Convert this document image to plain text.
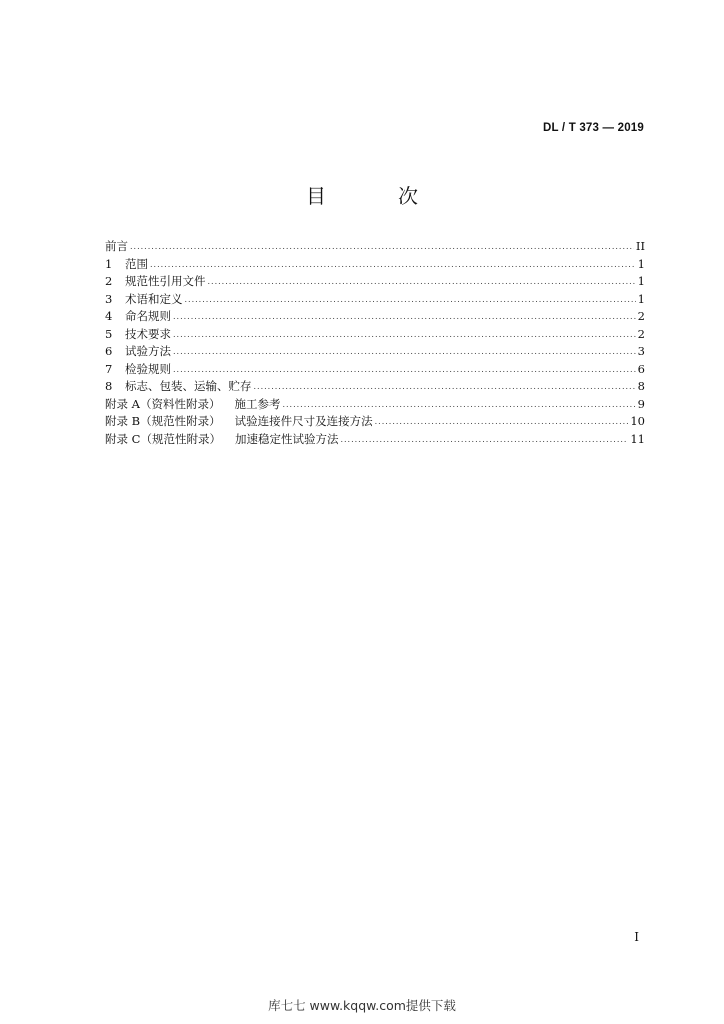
DL / T 373 — 2019
目　次
前言 .....	II
1	范围 .....	1
2	规范性引用文件 .....	1
3	术语和定义 .....	1
4	命名规则 .....	2
5	技术要求 .....	2
6	试验方法 .....	3
7	检验规则 .....	6
8	标志、包装、运输、贮存 .....	8
附录 A（资料性附录） 施工参考 .....	9
附录 B（规范性附录） 试验连接件尺寸及连接方法 .....	10
附录 C（规范性附录） 加速稳定性试验方法 .....	11
I
库七七 www.kqqw.com提供下载
